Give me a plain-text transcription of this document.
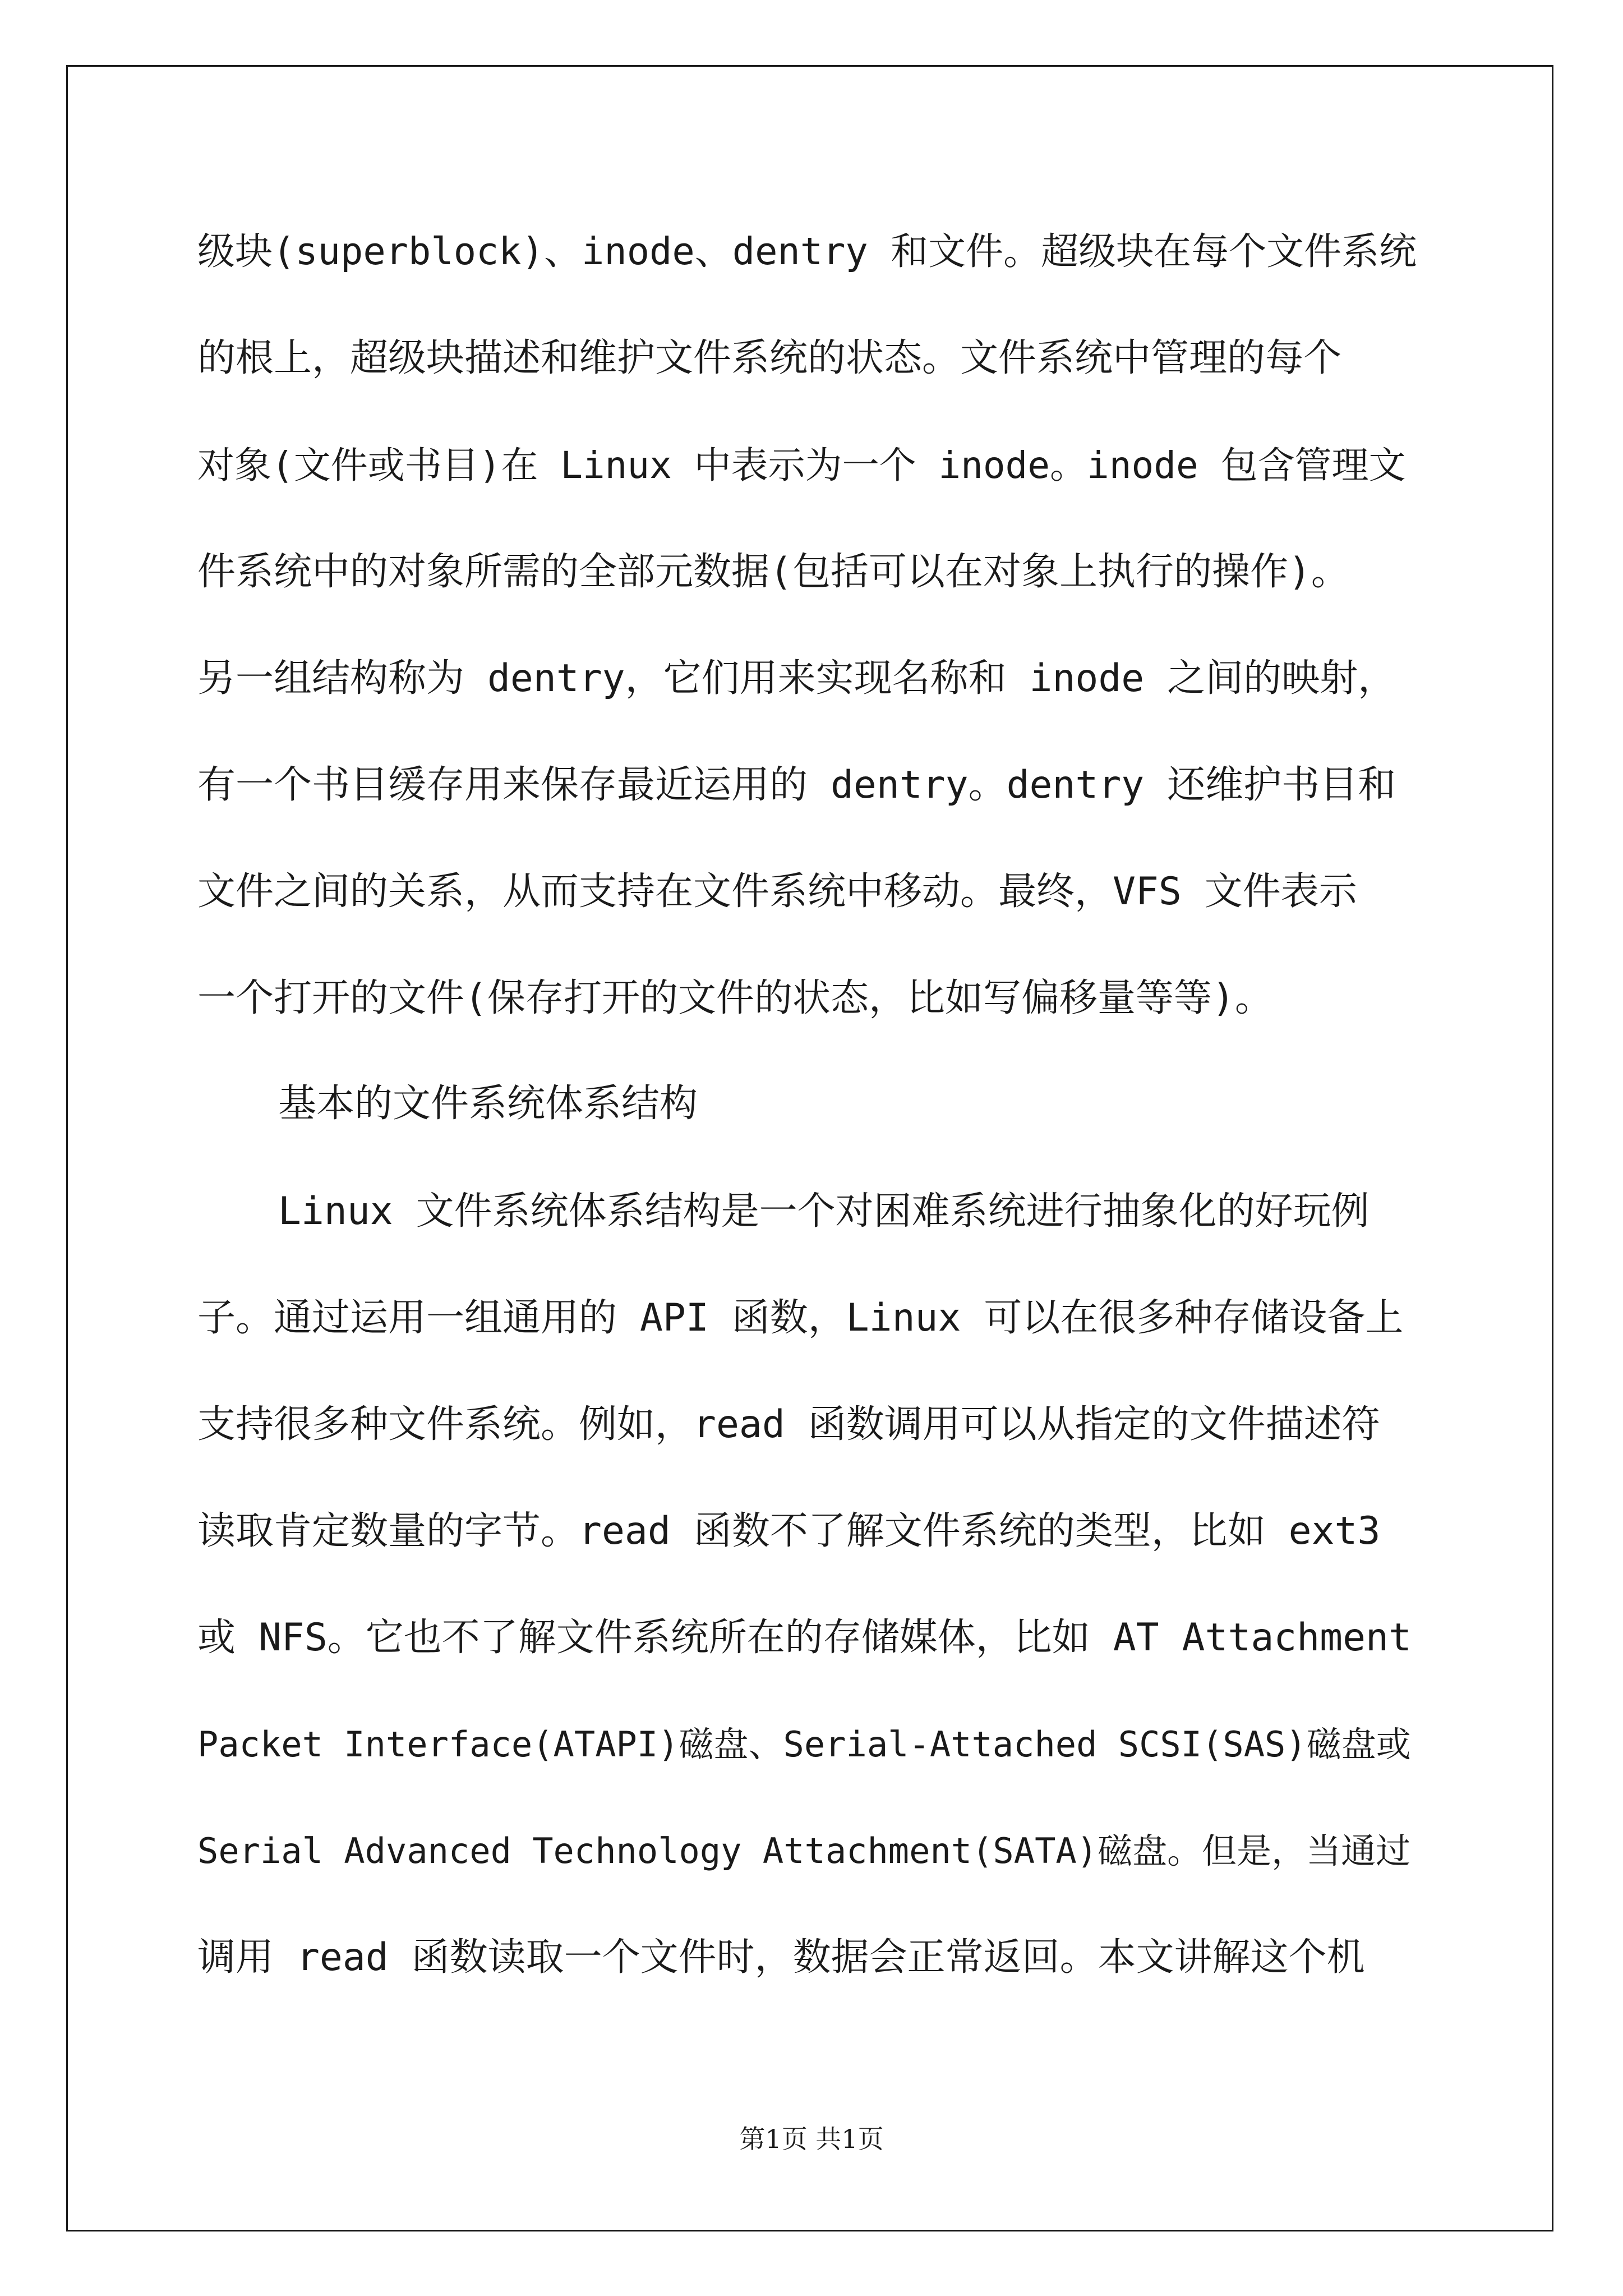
级块(superblock)、inode、dentry 和文件。超级块在每个文件系统

的根上，超级块描述和维护文件系统的状态。文件系统中管理的每个

对象(文件或书目)在 Linux 中表示为一个 inode。inode 包含管理文

件系统中的对象所需的全部元数据(包括可以在对象上执行的操作)。

另一组结构称为 dentry，它们用来实现名称和 inode 之间的映射，

有一个书目缓存用来保存最近运用的 dentry。dentry 还维护书目和

文件之间的关系，从而支持在文件系统中移动。最终，VFS 文件表示

一个打开的文件(保存打开的文件的状态，比如写偏移量等等)。

基本的文件系统体系结构

Linux 文件系统体系结构是一个对困难系统进行抽象化的好玩例

子。通过运用一组通用的 API 函数，Linux 可以在很多种存储设备上

支持很多种文件系统。例如，read 函数调用可以从指定的文件描述符

读取肯定数量的字节。read 函数不了解文件系统的类型，比如 ext3

或 NFS。它也不了解文件系统所在的存储媒体，比如 AT Attachment

Packet Interface(ATAPI)磁盘、Serial-Attached SCSI(SAS)磁盘或

Serial Advanced Technology Attachment(SATA)磁盘。但是，当通过

调用 read 函数读取一个文件时，数据会正常返回。本文讲解这个机

第1页 共1页
